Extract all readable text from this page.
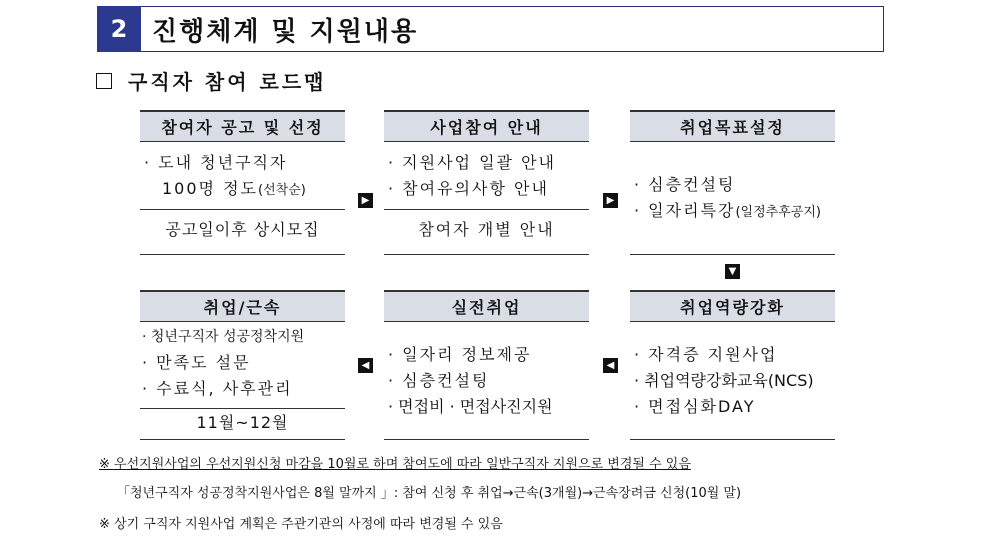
2 진행체계 및 지원내용
구직자 참여 로드맵
참여자 공고 및 선정
· 도내 청년구직자
100명 정도(선착순)
공고일이후 상시모집
사업참여 안내
· 지원사업 일괄 안내
· 참여유의사항 안내
참여자 개별 안내
취업목표설정
· 심층컨설팅
· 일자리특강(일정추후공지)
취업/근속
· 청년구직자 성공정착지원
· 만족도 설문
· 수료식, 사후관리
11월~12월
실전취업
· 일자리 정보제공
· 심층컨설팅
· 면접비 · 면접사진지원
취업역량강화
· 자격증 지원사업
· 취업역량강화교육(NCS)
· 면접심화DAY
▶	▶
▼
◀
◀
※ 우선지원사업의 우선지원신청 마감을 10월로 하며 참여도에 따라 일반구직자 지원으로 변경될 수 있음
「청년구직자 성공정착지원사업은 8월 말까지 」: 참여 신청 후 취업→근속(3개월)→근속장려금 신청(10월 말)
※ 상기 구직자 지원사업 계획은 주관기관의 사정에 따라 변경될 수 있음
